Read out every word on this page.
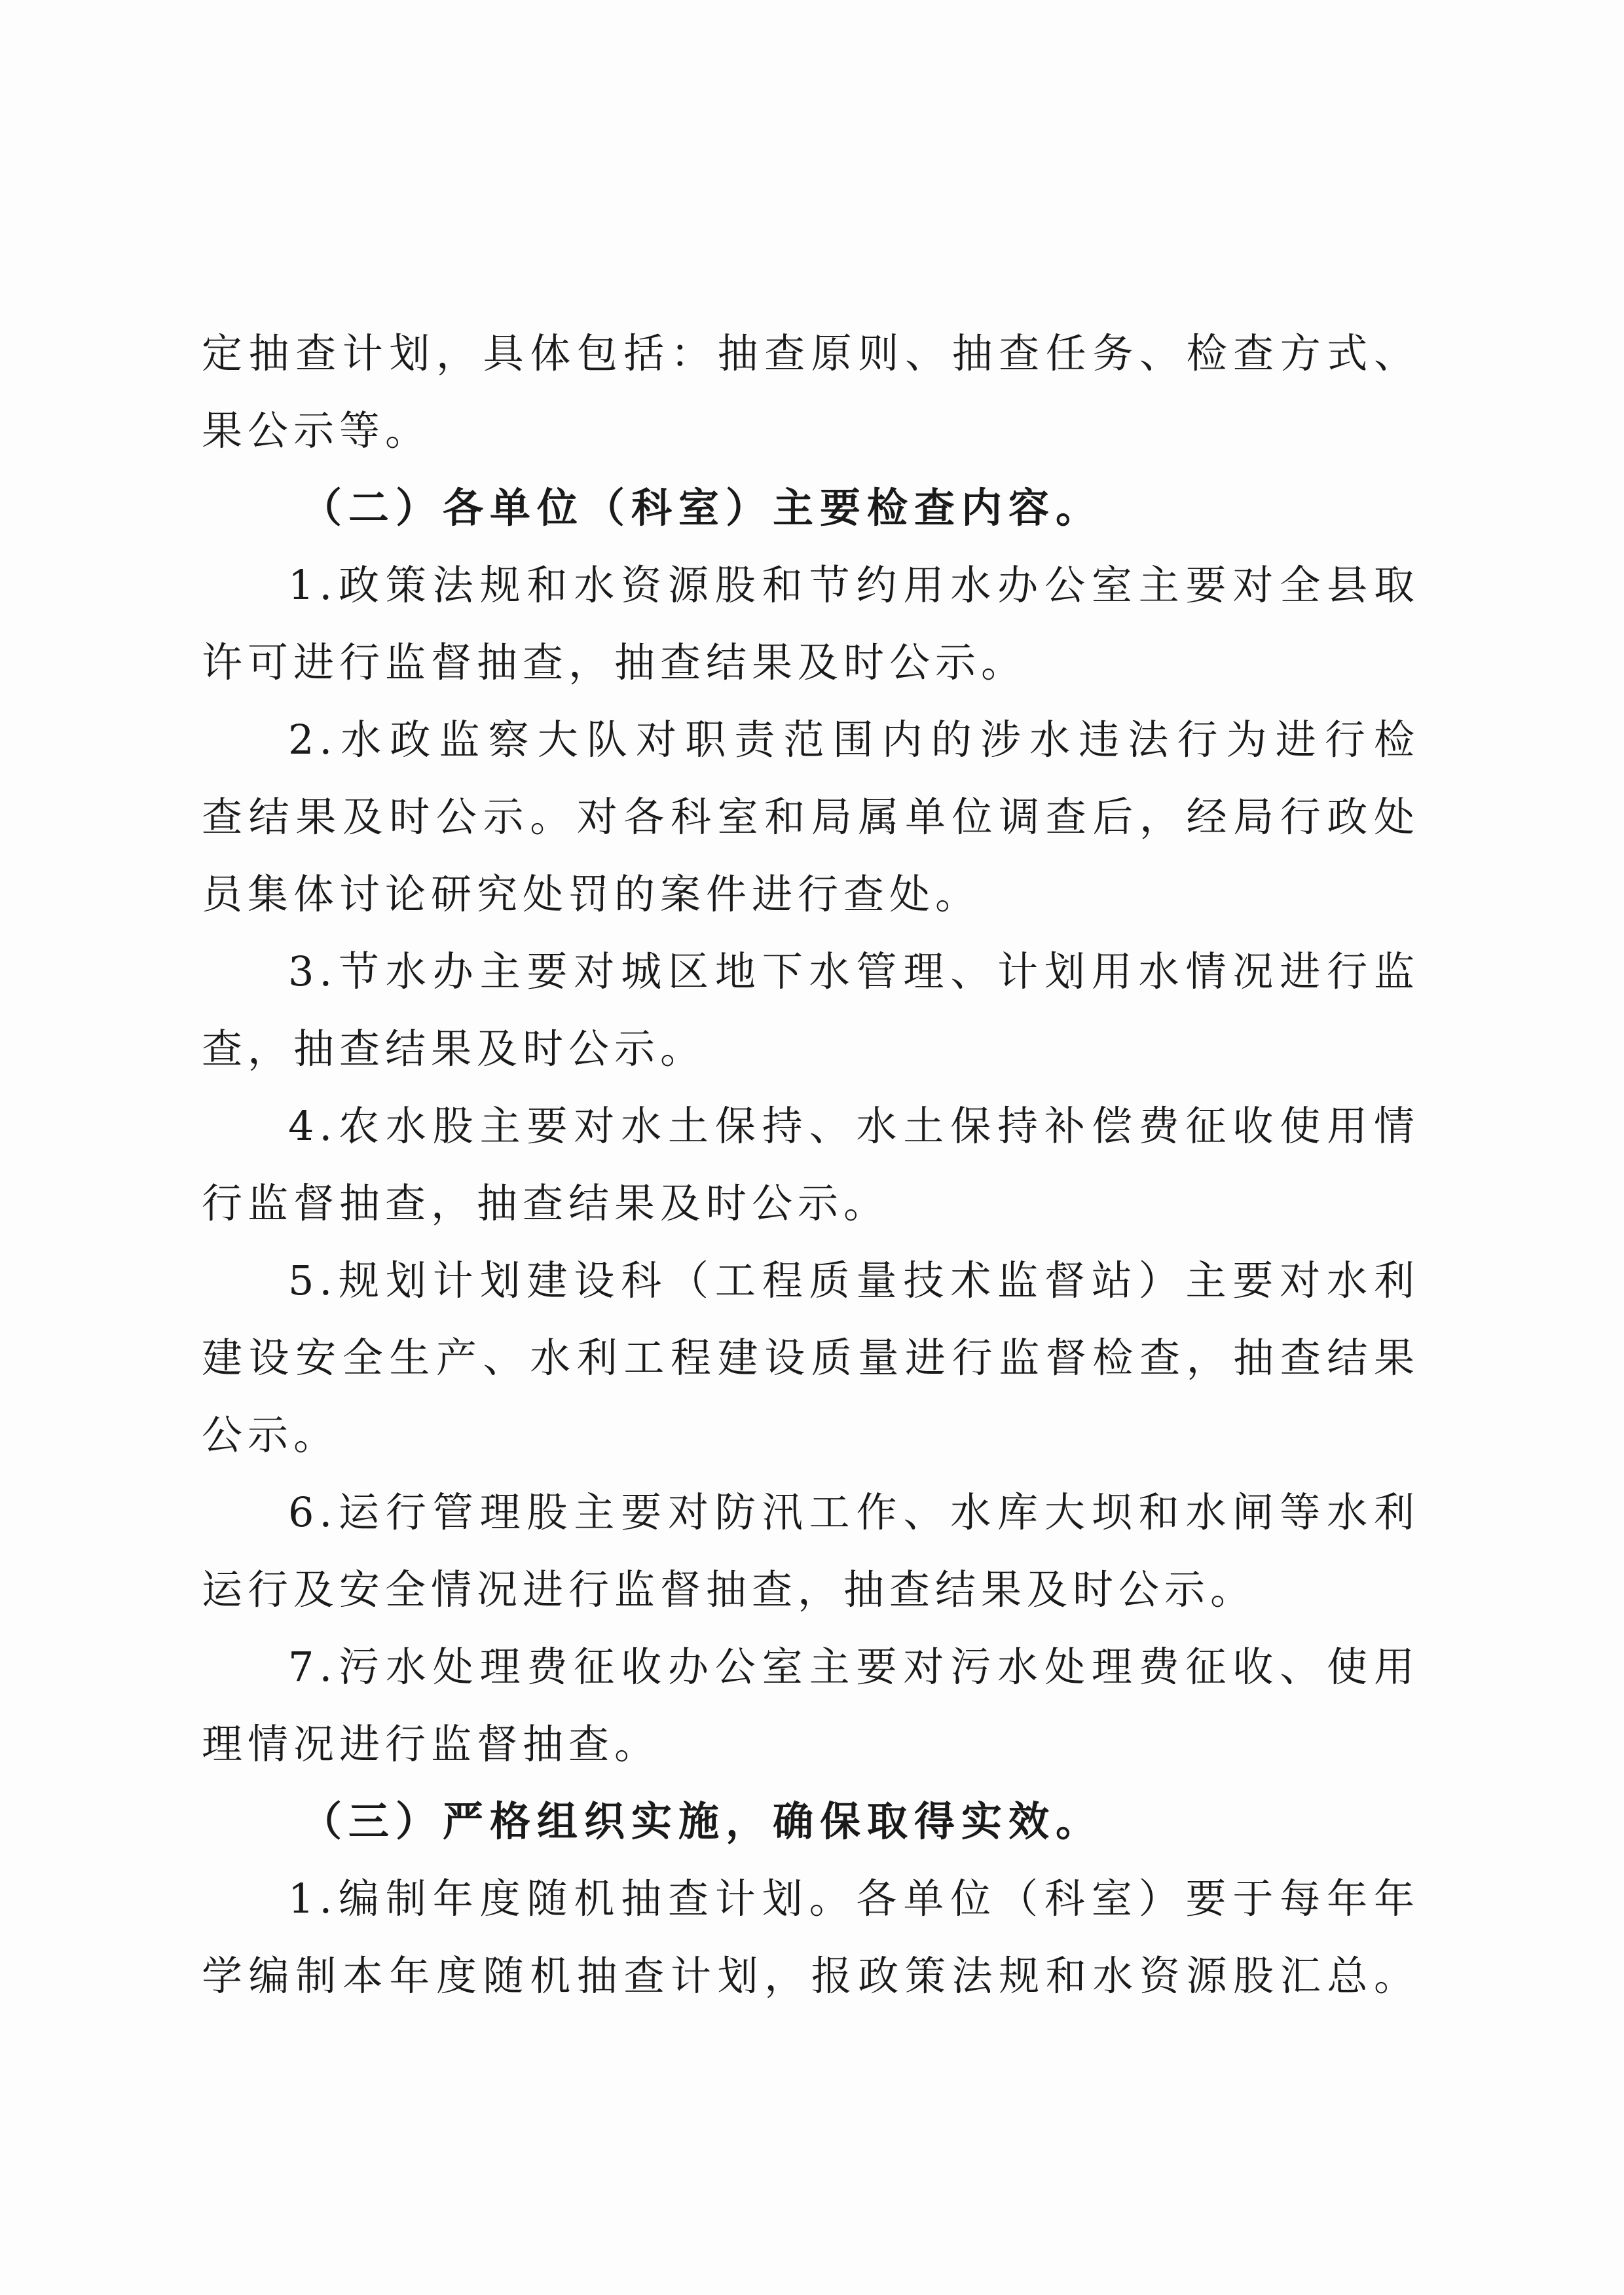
定抽查计划，具体包括：抽查原则、抽查任务、检查方式、
果公示等。
（二）各单位（科室）主要检查内容。
1.政策法规和水资源股和节约用水办公室主要对全县取
许可进行监督抽查，抽查结果及时公示。
2.水政监察大队对职责范围内的涉水违法行为进行检
查结果及时公示。对各科室和局属单位调查后，经局行政处
员集体讨论研究处罚的案件进行查处。
3.节水办主要对城区地下水管理、计划用水情况进行监
查，抽查结果及时公示。
4.农水股主要对水土保持、水土保持补偿费征收使用情
行监督抽查，抽查结果及时公示。
5.规划计划建设科（工程质量技术监督站）主要对水利
建设安全生产、水利工程建设质量进行监督检查，抽查结果
公示。
6.运行管理股主要对防汛工作、水库大坝和水闸等水利
运行及安全情况进行监督抽查，抽查结果及时公示。
7.污水处理费征收办公室主要对污水处理费征收、使用
理情况进行监督抽查。
（三）严格组织实施，确保取得实效。
1.编制年度随机抽查计划。各单位（科室）要于每年年
学编制本年度随机抽查计划，报政策法规和水资源股汇总。
